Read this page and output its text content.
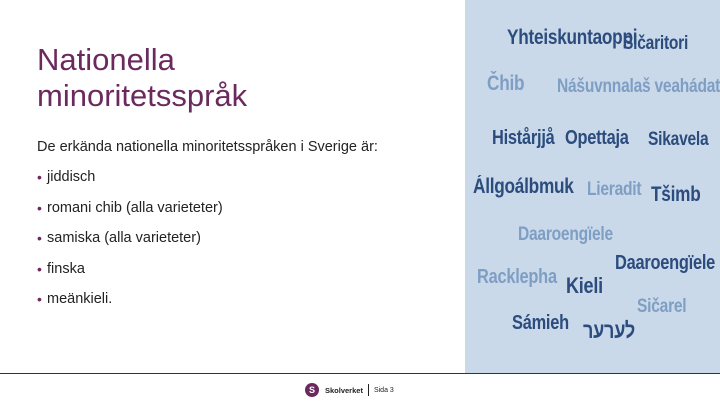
Nationella
minoritetsspråk
De erkända nationella minoritetsspråken i Sverige är:
• jiddisch
• romani chib (alla varieteter)
• samiska (alla varieteter)
• finska
• meänkieli.
Yhteiskuntaoppi
Sičaritori
Čhib Nášuvnnalaš veahádat
Histårjjå Opettaja Sikavela
Állgoálbmuk Lieradit Tšimb
Daaroengïele
Daaroengïele
Racklepha Kieli
Sičarel
Sámieh לערער
S	Skolverket Sida 3
